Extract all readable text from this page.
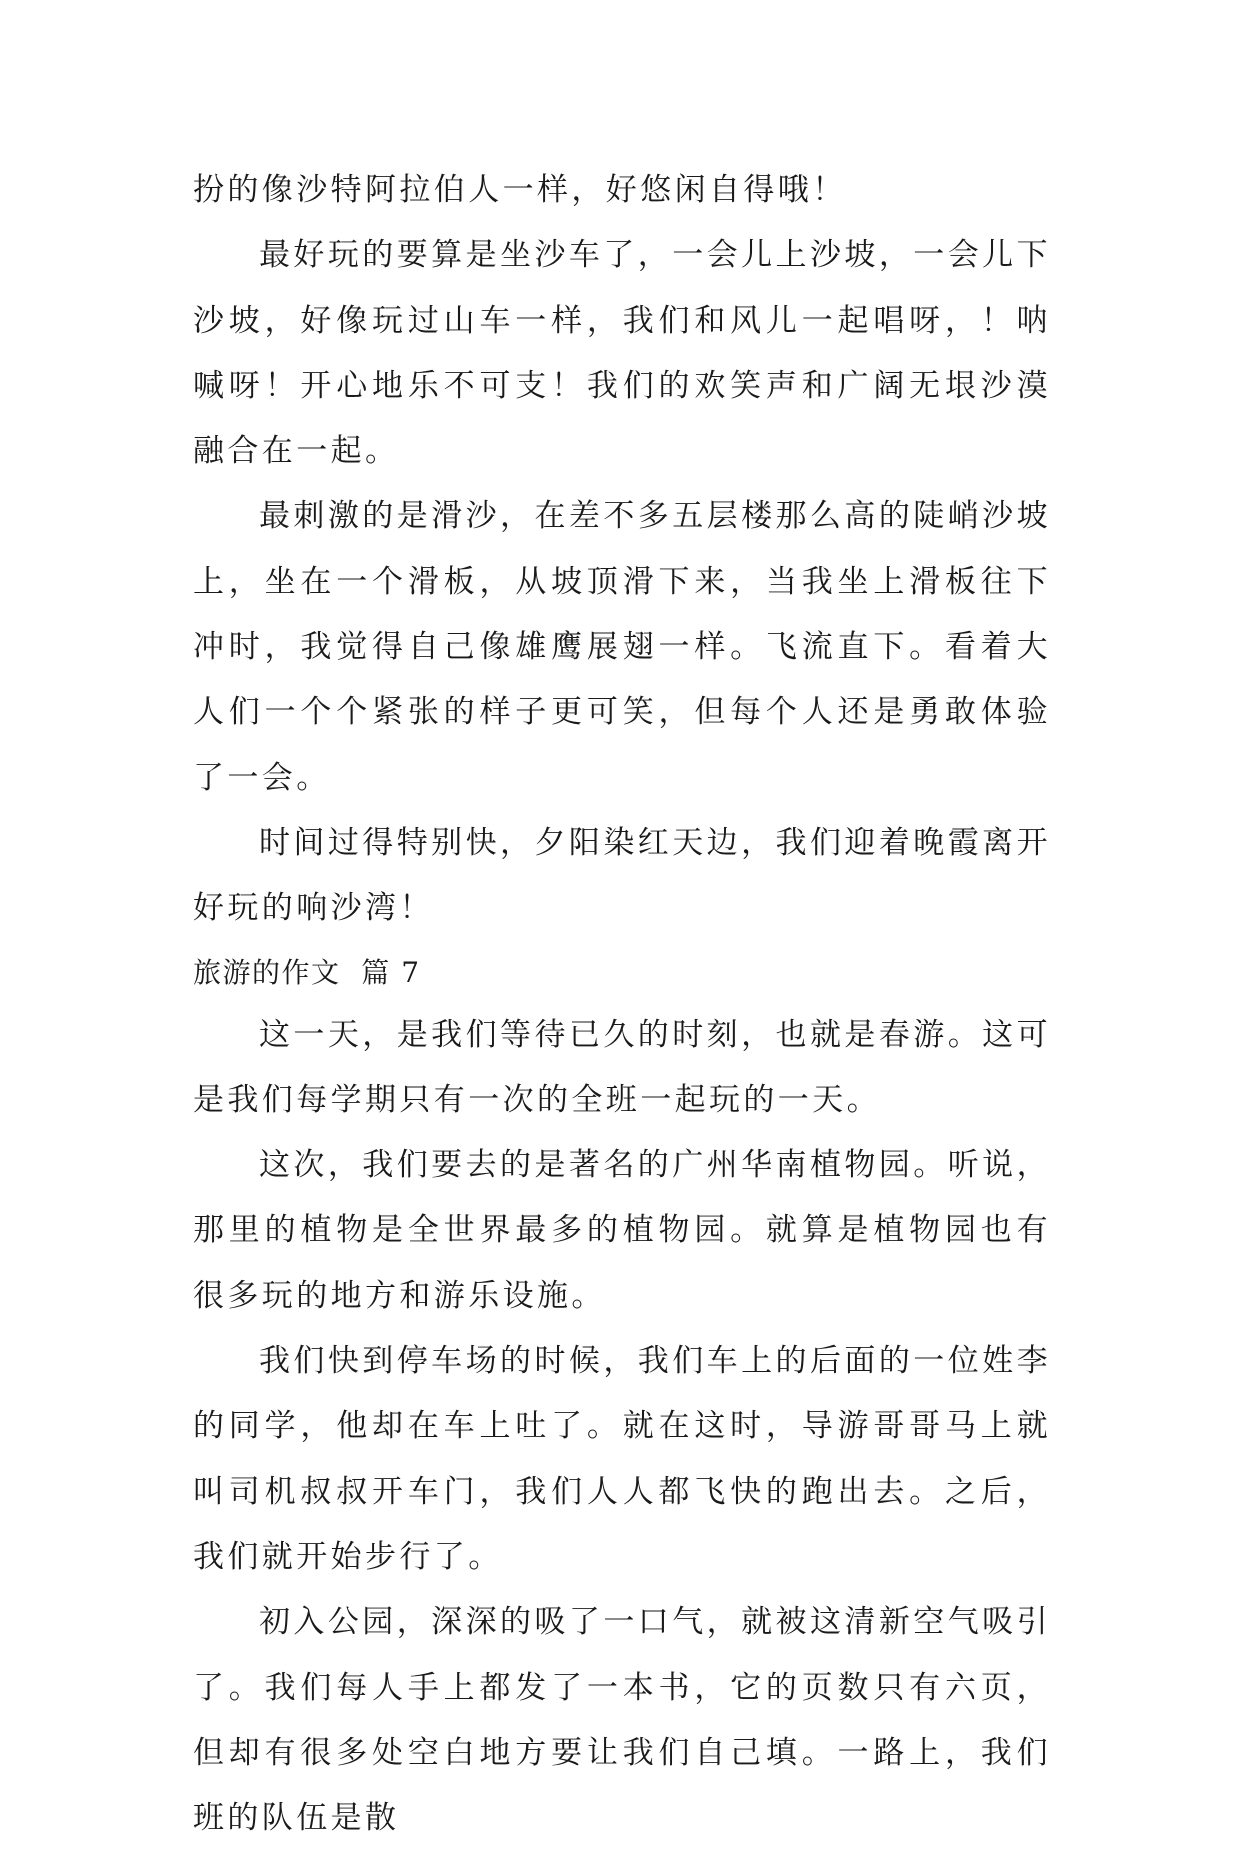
扮的像沙特阿拉伯人一样，好悠闲自得哦！

最好玩的要算是坐沙车了，一会儿上沙坡，一会儿下沙坡，好像玩过山车一样，我们和风儿一起唱呀，！呐喊呀！开心地乐不可支！我们的欢笑声和广阔无垠沙漠融合在一起。

最刺激的是滑沙，在差不多五层楼那么高的陡峭沙坡上，坐在一个滑板，从坡顶滑下来，当我坐上滑板往下冲时，我觉得自己像雄鹰展翅一样。飞流直下。看着大人们一个个紧张的样子更可笑，但每个人还是勇敢体验了一会。

时间过得特别快，夕阳染红天边，我们迎着晚霞离开好玩的响沙湾！

旅游的作文  篇 7

这一天，是我们等待已久的时刻，也就是春游。这可是我们每学期只有一次的全班一起玩的一天。

这次，我们要去的是著名的广州华南植物园。听说，那里的植物是全世界最多的植物园。就算是植物园也有很多玩的地方和游乐设施。

我们快到停车场的时候，我们车上的后面的一位姓李的同学，他却在车上吐了。就在这时，导游哥哥马上就叫司机叔叔开车门，我们人人都飞快的跑出去。之后，我们就开始步行了。

初入公园，深深的吸了一口气，就被这清新空气吸引了。我们每人手上都发了一本书，它的页数只有六页，但却有很多处空白地方要让我们自己填。一路上，我们班的队伍是散
